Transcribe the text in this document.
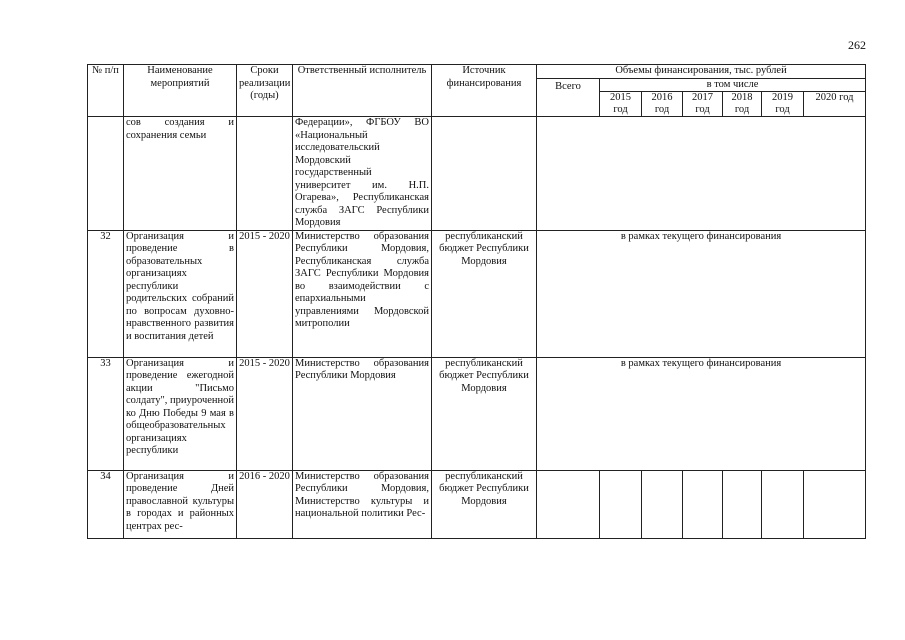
262
№ п/п	Наименование мероприятий	Сроки реализации (годы)	Ответственный исполнитель	Источник финансирования	Объемы финансирования, тыс. рублей						
					Всего	в том числе					
						2015 год	2016 год	2017 год	2018 год	2019 год	2020 год
	сов создания и сохранения семьи		Федерации», ФГБОУ ВО «Национальный исследовательский Мордовский государственный университет им. Н.П. Огарева», Республиканская служба ЗАГС Республики Мордовия								
32	Организация и проведение в образовательных организациях республики родительских собраний по вопросам духовно-нравственного развития и воспитания детей	2015 - 2020	Министерство образования Республики Мордовия, Республиканская служба ЗАГС Республики Мордовия во взаимодействии с епархиальными управлениями Мордовской митрополии	республиканский бюджет Республики Мордовия	в рамках текущего финансирования						
33	Организация и проведение ежегодной акции "Письмо солдату", приуроченной ко Дню Победы 9 мая в общеобразовательных организациях республики	2015 - 2020	Министерство образования Республики Мордовия	республиканский бюджет Республики Мордовия	в рамках текущего финансирования						
34	Организация и проведение Дней православной культуры в городах и районных центрах рес-	2016 - 2020	Министерство образования Республики Мордовия, Министерство культуры и национальной политики Рес-	республиканский бюджет Республики Мордовия							
